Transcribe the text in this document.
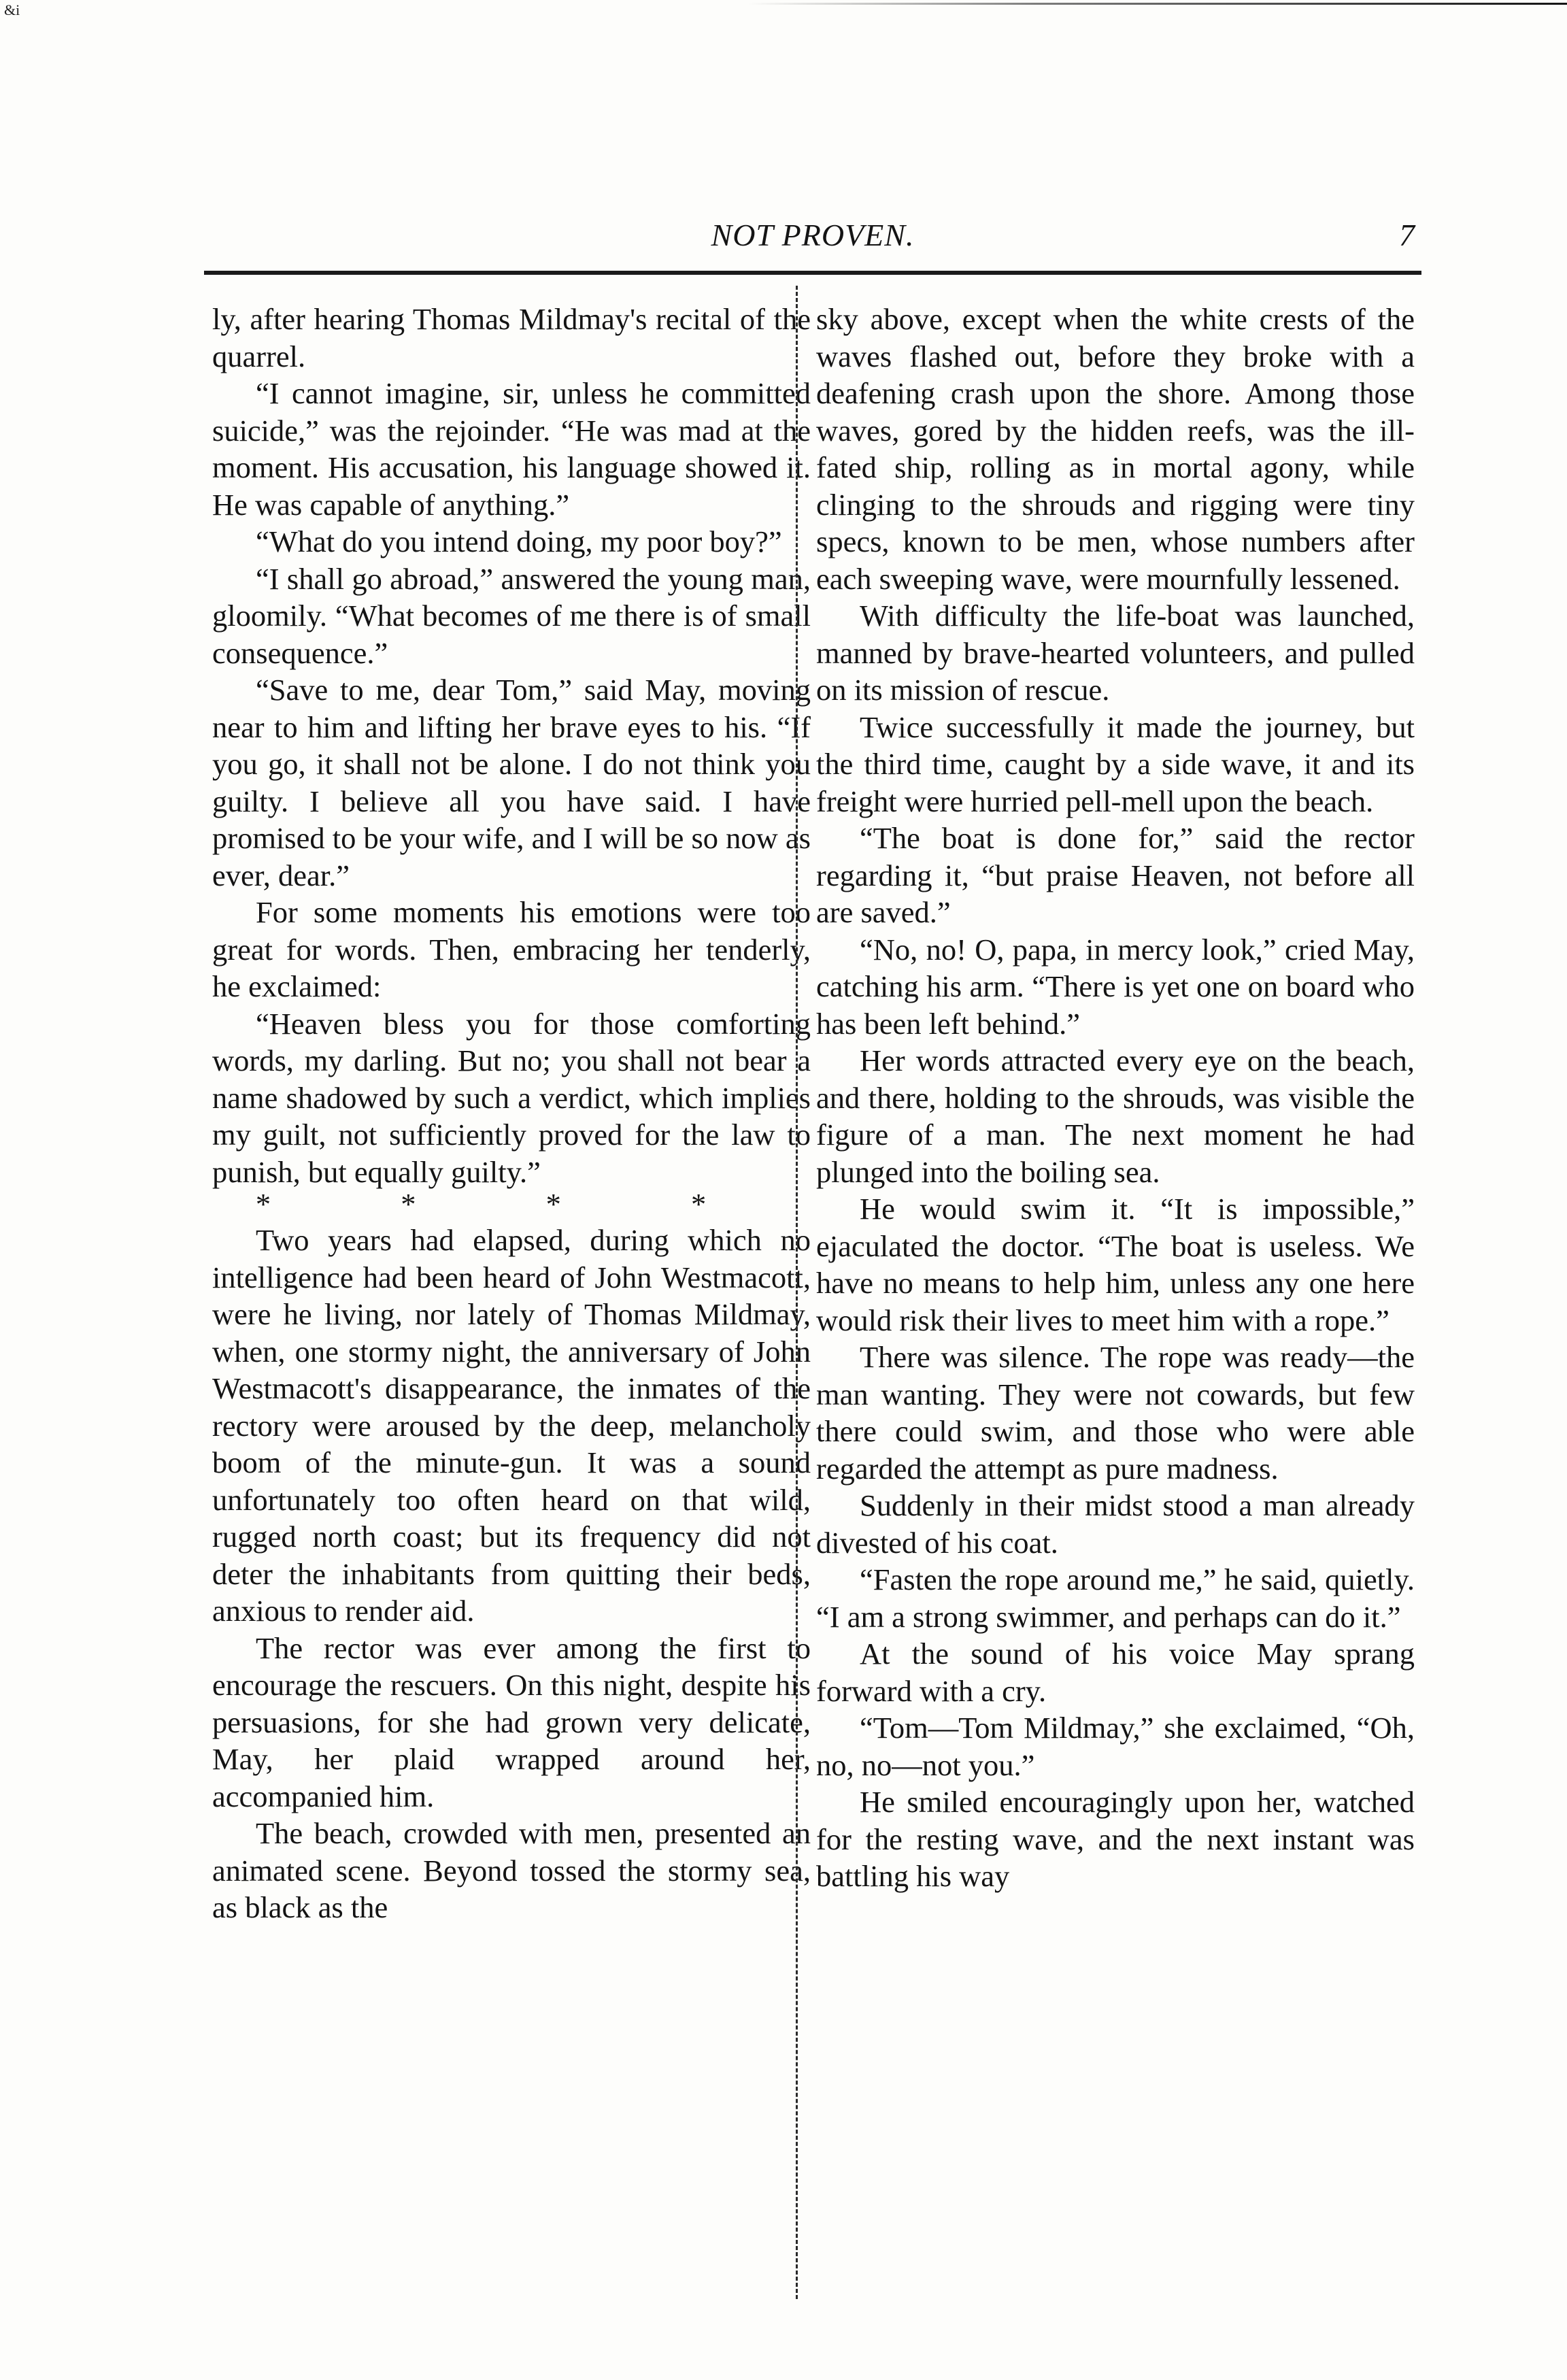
&i
NOT PROVEN.	7

ly, after hearing Thomas Mildmay's recital of the quarrel.

“I cannot imagine, sir, unless he committed suicide,” was the rejoinder. “He was mad at the moment. His accusation, his language showed it. He was capable of anything.”

“What do you intend doing, my poor boy?”

“I shall go abroad,” answered the young man, gloomily. “What becomes of me there is of small consequence.”

“Save to me, dear Tom,” said May, moving near to him and lifting her brave eyes to his. “If you go, it shall not be alone. I do not think you guilty. I believe all you have said. I have promised to be your wife, and I will be so now as ever, dear.”

For some moments his emotions were too great for words. Then, embracing her tenderly, he exclaimed:

“Heaven bless you for those comforting words, my darling. But no; you shall not bear a name shadowed by such a verdict, which implies my guilt, not sufficiently proved for the law to punish, but equally guilty.”

* * * *

Two years had elapsed, during which no intelligence had been heard of John Westmacott, were he living, nor lately of Thomas Mildmay, when, one stormy night, the anniversary of John Westmacott's disappearance, the inmates of the rectory were aroused by the deep, melancholy boom of the minute-gun. It was a sound unfortunately too often heard on that wild, rugged north coast; but its frequency did not deter the inhabitants from quitting their beds, anxious to render aid.

The rector was ever among the first to encourage the rescuers. On this night, despite his persuasions, for she had grown very delicate, May, her plaid wrapped around her, accompanied him.

The beach, crowded with men, presented an animated scene. Beyond tossed the stormy sea, as black as the

sky above, except when the white crests of the waves flashed out, before they broke with a deafening crash upon the shore. Among those waves, gored by the hidden reefs, was the ill-fated ship, rolling as in mortal agony, while clinging to the shrouds and rigging were tiny specs, known to be men, whose numbers after each sweeping wave, were mournfully lessened.

With difficulty the life-boat was launched, manned by brave-hearted volunteers, and pulled on its mission of rescue.

Twice successfully it made the journey, but the third time, caught by a side wave, it and its freight were hurried pell-mell upon the beach.

“The boat is done for,” said the rector regarding it, “but praise Heaven, not before all are saved.”

“No, no! O, papa, in mercy look,” cried May, catching his arm. “There is yet one on board who has been left behind.”

Her words attracted every eye on the beach, and there, holding to the shrouds, was visible the figure of a man. The next moment he had plunged into the boiling sea.

He would swim it. “It is impossible,” ejaculated the doctor. “The boat is useless. We have no means to help him, unless any one here would risk their lives to meet him with a rope.”

There was silence. The rope was ready—the man wanting. They were not cowards, but few there could swim, and those who were able regarded the attempt as pure madness.

Suddenly in their midst stood a man already divested of his coat.

“Fasten the rope around me,” he said, quietly. “I am a strong swimmer, and perhaps can do it.”

At the sound of his voice May sprang forward with a cry.

“Tom—Tom Mildmay,” she exclaimed, “Oh, no, no—not you.”

He smiled encouragingly upon her, watched for the resting wave, and the next instant was battling his way
